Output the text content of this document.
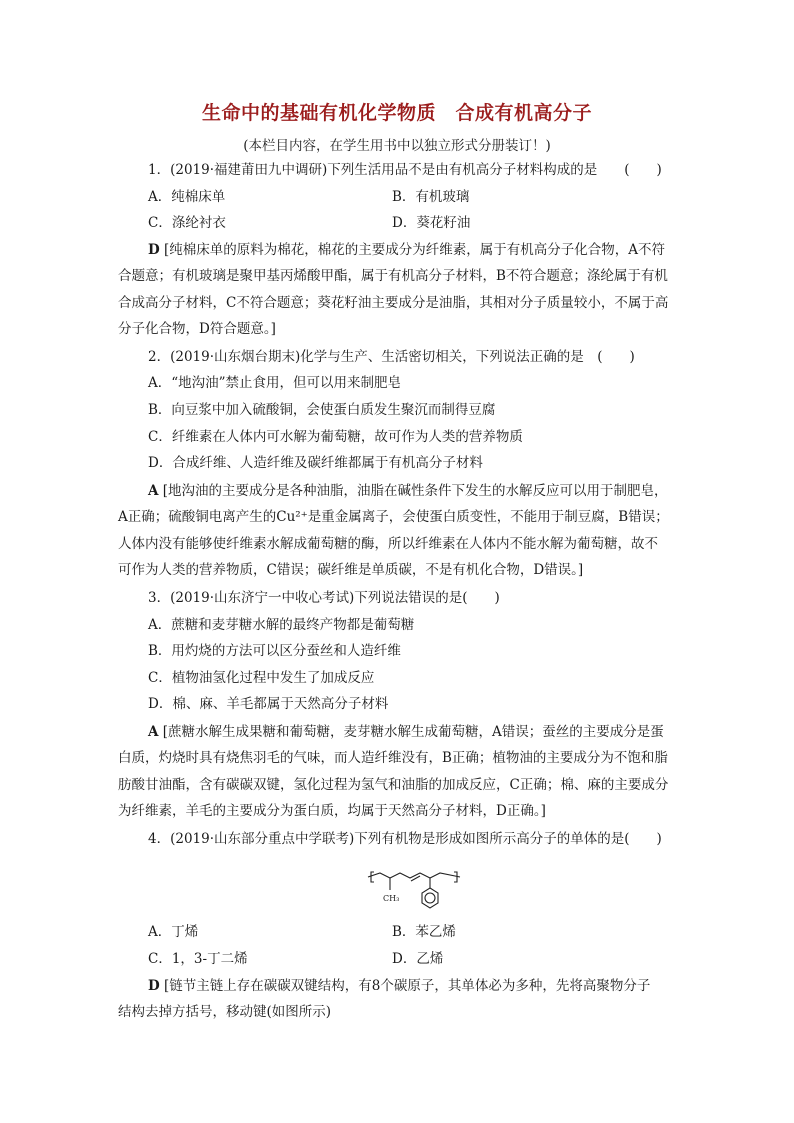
生命中的基础有机化学物质　合成有机高分子
(本栏目内容，在学生用书中以独立形式分册装订！)
1．(2019·福建莆田九中调研)下列生活用品不是由有机高分子材料构成的是　　(　　)
A．纯棉床单	B．有机玻璃
C．涤纶衬衣	D．葵花籽油
D [纯棉床单的原料为棉花，棉花的主要成分为纤维素，属于有机高分子化合物，A不符
合题意；有机玻璃是聚甲基丙烯酸甲酯，属于有机高分子材料，B不符合题意；涤纶属于有机
合成高分子材料，C不符合题意；葵花籽油主要成分是油脂，其相对分子质量较小，不属于高
分子化合物，D符合题意。]
2．(2019·山东烟台期末)化学与生产、生活密切相关，下列说法正确的是　(　　)
A．“地沟油”禁止食用，但可以用来制肥皂
B．向豆浆中加入硫酸铜，会使蛋白质发生聚沉而制得豆腐
C．纤维素在人体内可水解为葡萄糖，故可作为人类的营养物质
D．合成纤维、人造纤维及碳纤维都属于有机高分子材料
A [地沟油的主要成分是各种油脂，油脂在碱性条件下发生的水解反应可以用于制肥皂，
A正确；硫酸铜电离产生的Cu²⁺是重金属离子，会使蛋白质变性，不能用于制豆腐，B错误；
人体内没有能够使纤维素水解成葡萄糖的酶，所以纤维素在人体内不能水解为葡萄糖，故不
可作为人类的营养物质，C错误；碳纤维是单质碳，不是有机化合物，D错误。]
3．(2019·山东济宁一中收心考试)下列说法错误的是(　　)
A．蔗糖和麦芽糖水解的最终产物都是葡萄糖
B．用灼烧的方法可以区分蚕丝和人造纤维
C．植物油氢化过程中发生了加成反应
D．棉、麻、羊毛都属于天然高分子材料
A [蔗糖水解生成果糖和葡萄糖，麦芽糖水解生成葡萄糖，A错误；蚕丝的主要成分是蛋
白质，灼烧时具有烧焦羽毛的气味，而人造纤维没有，B正确；植物油的主要成分为不饱和脂
肪酸甘油酯，含有碳碳双键，氢化过程为氢气和油脂的加成反应，C正确；棉、麻的主要成分
为纤维素，羊毛的主要成分为蛋白质，均属于天然高分子材料，D正确。]
4．(2019·山东部分重点中学联考)下列有机物是形成如图所示高分子的单体的是(　　)
CH₃
A．丁烯	B．苯乙烯
C．1，3-丁二烯	D．乙烯
D [链节主链上存在碳碳双键结构，有8个碳原子，其单体必为多种，先将高聚物分子
结构去掉方括号，移动键(如图所示)
